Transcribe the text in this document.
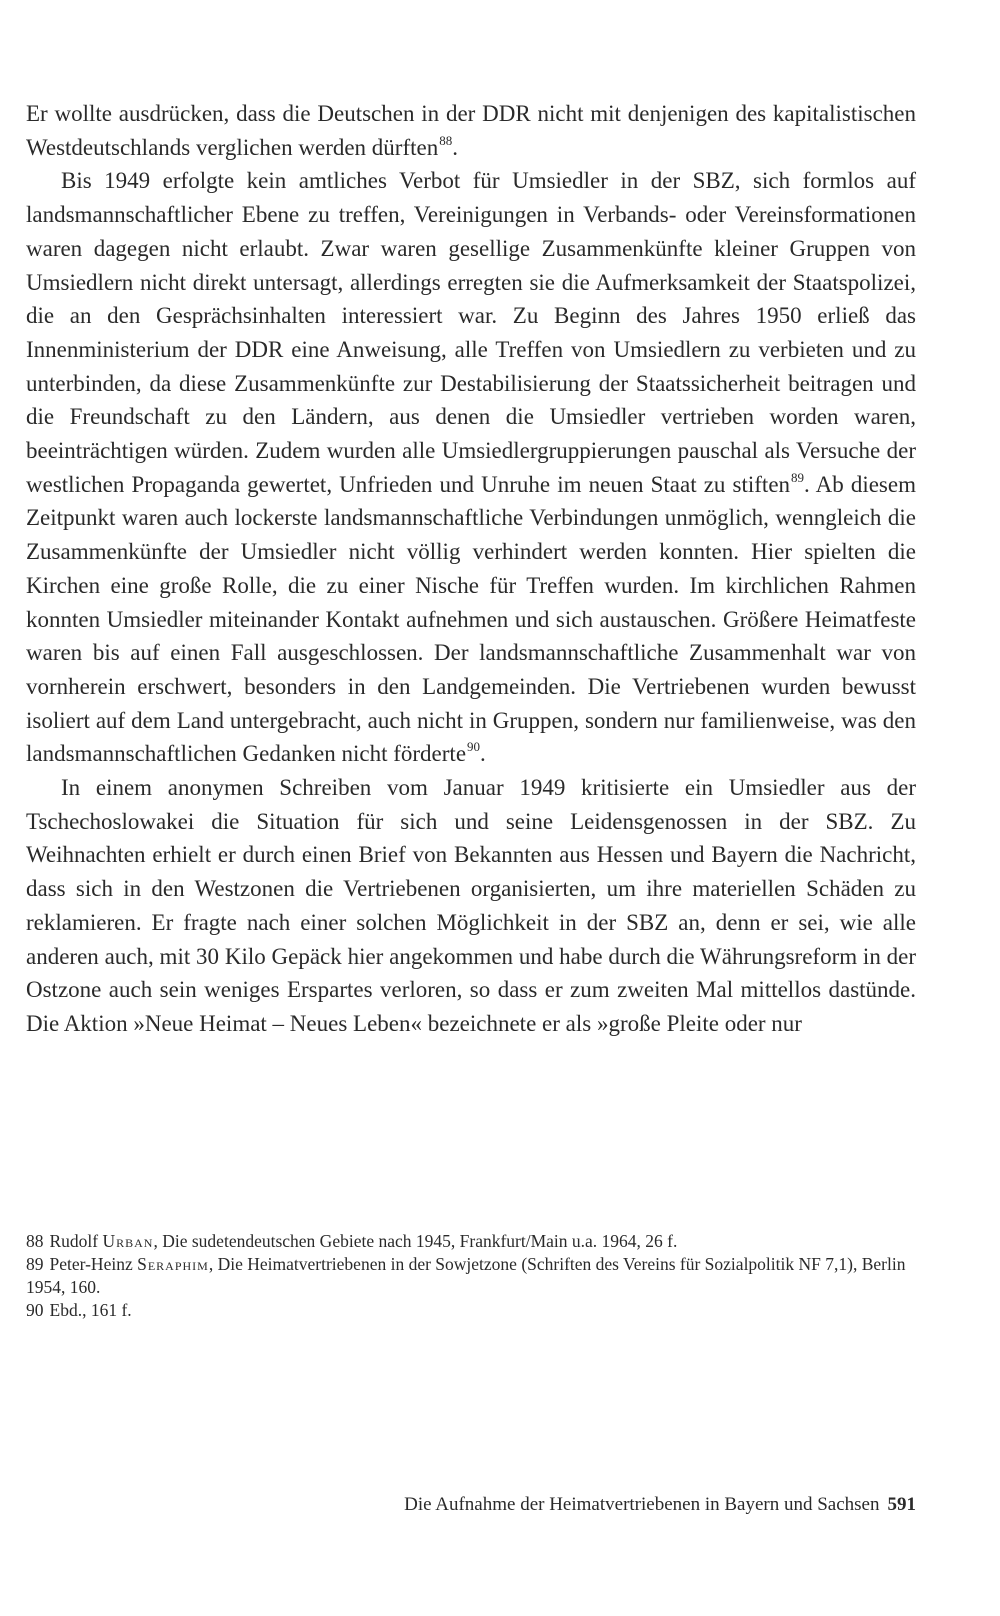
Er wollte ausdrücken, dass die Deutschen in der DDR nicht mit denjenigen des kapitalistischen Westdeutschlands verglichen werden dürften$^{88}$.

Bis 1949 erfolgte kein amtliches Verbot für Umsiedler in der SBZ, sich formlos auf landsmannschaftlicher Ebene zu treffen, Vereinigungen in Verbands- oder Vereinsformationen waren dagegen nicht erlaubt. Zwar waren gesellige Zusammenkünfte kleiner Gruppen von Umsiedlern nicht direkt untersagt, allerdings erregten sie die Aufmerksamkeit der Staatspolizei, die an den Gesprächsinhalten interessiert war. Zu Beginn des Jahres 1950 erließ das Innenministerium der DDR eine Anweisung, alle Treffen von Umsiedlern zu verbieten und zu unterbinden, da diese Zusammenkünfte zur Destabilisierung der Staatssicherheit beitragen und die Freundschaft zu den Ländern, aus denen die Umsiedler vertrieben worden waren, beeinträchtigen würden. Zudem wurden alle Umsiedlergruppierungen pauschal als Versuche der westlichen Propaganda gewertet, Unfrieden und Unruhe im neuen Staat zu stiften$^{89}$. Ab diesem Zeitpunkt waren auch lockerste landsmannschaftliche Verbindungen unmöglich, wenngleich die Zusammenkünfte der Umsiedler nicht völlig verhindert werden konnten. Hier spielten die Kirchen eine große Rolle, die zu einer Nische für Treffen wurden. Im kirchlichen Rahmen konnten Umsiedler miteinander Kontakt aufnehmen und sich austauschen. Größere Heimatfeste waren bis auf einen Fall ausgeschlossen. Der landsmannschaftliche Zusammenhalt war von vornherein erschwert, besonders in den Landgemeinden. Die Vertriebenen wurden bewusst isoliert auf dem Land untergebracht, auch nicht in Gruppen, sondern nur familienweise, was den landsmannschaftlichen Gedanken nicht förderte$^{90}$.

In einem anonymen Schreiben vom Januar 1949 kritisierte ein Umsiedler aus der Tschechoslowakei die Situation für sich und seine Leidensgenossen in der SBZ. Zu Weihnachten erhielt er durch einen Brief von Bekannten aus Hessen und Bayern die Nachricht, dass sich in den Westzonen die Vertriebenen organisierten, um ihre materiellen Schäden zu reklamieren. Er fragte nach einer solchen Möglichkeit in der SBZ an, denn er sei, wie alle anderen auch, mit 30 Kilo Gepäck hier angekommen und habe durch die Währungsreform in der Ostzone auch sein weniges Erspartes verloren, so dass er zum zweiten Mal mittellos dastünde. Die Aktion »Neue Heimat – Neues Leben« bezeichnete er als »große Pleite oder nur

88 Rudolf Urban, Die sudetendeutschen Gebiete nach 1945, Frankfurt/Main u.a. 1964, 26 f.

89 Peter-Heinz Seraphim, Die Heimatvertriebenen in der Sowjetzone (Schriften des Vereins für Sozialpolitik NF 7,1), Berlin 1954, 160.

90 Ebd., 161 f.

Die Aufnahme der Heimatvertriebenen in Bayern und Sachsen 591
